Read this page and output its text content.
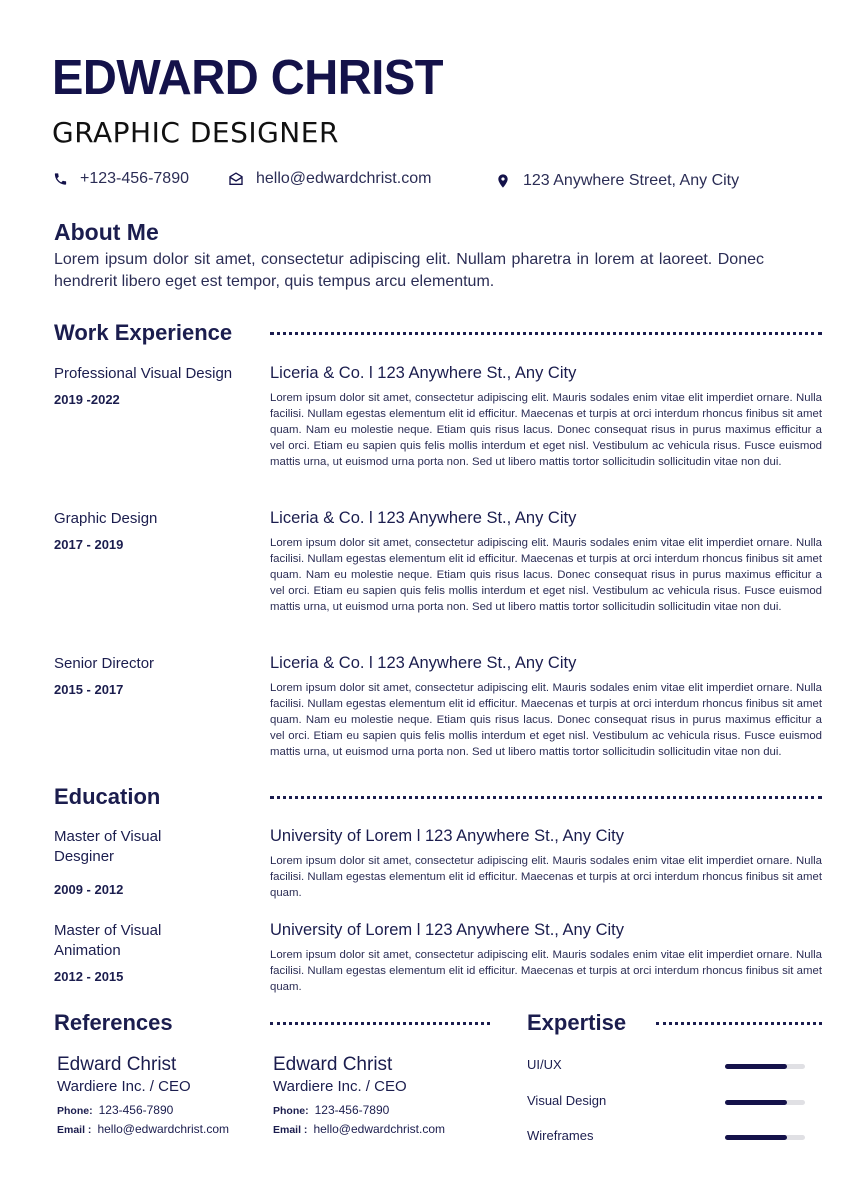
EDWARD CHRIST
GRAPHIC DESIGNER
+123-456-7890	hello@edwardchrist.com	123 Anywhere Street, Any City
About Me
Lorem ipsum dolor sit amet, consectetur adipiscing elit. Nullam pharetra in lorem at laoreet. Donec hendrerit libero eget est tempor, quis tempus arcu elementum.
Work Experience
Professional Visual Design
2019 -2022
Liceria & Co. l 123 Anywhere St., Any City
Lorem ipsum dolor sit amet, consectetur adipiscing elit. Mauris sodales enim vitae elit imperdiet ornare. Nulla facilisi. Nullam egestas elementum elit id efficitur. Maecenas et turpis at orci interdum rhoncus finibus sit amet quam. Nam eu molestie neque. Etiam quis risus lacus. Donec consequat risus in purus maximus efficitur a vel orci. Etiam eu sapien quis felis mollis interdum et eget nisl. Vestibulum ac vehicula risus. Fusce euismod mattis urna, ut euismod urna porta non. Sed ut libero mattis tortor sollicitudin sollicitudin vitae non dui.
Graphic Design
2017 - 2019
Liceria & Co. l 123 Anywhere St., Any City
Lorem ipsum dolor sit amet, consectetur adipiscing elit. Mauris sodales enim vitae elit imperdiet ornare. Nulla facilisi. Nullam egestas elementum elit id efficitur. Maecenas et turpis at orci interdum rhoncus finibus sit amet quam. Nam eu molestie neque. Etiam quis risus lacus. Donec consequat risus in purus maximus efficitur a vel orci. Etiam eu sapien quis felis mollis interdum et eget nisl. Vestibulum ac vehicula risus. Fusce euismod mattis urna, ut euismod urna porta non. Sed ut libero mattis tortor sollicitudin sollicitudin vitae non dui.
Senior Director
2015 - 2017
Liceria & Co. l 123 Anywhere St., Any City
Lorem ipsum dolor sit amet, consectetur adipiscing elit. Mauris sodales enim vitae elit imperdiet ornare. Nulla facilisi. Nullam egestas elementum elit id efficitur. Maecenas et turpis at orci interdum rhoncus finibus sit amet quam. Nam eu molestie neque. Etiam quis risus lacus. Donec consequat risus in purus maximus efficitur a vel orci. Etiam eu sapien quis felis mollis interdum et eget nisl. Vestibulum ac vehicula risus. Fusce euismod mattis urna, ut euismod urna porta non. Sed ut libero mattis tortor sollicitudin sollicitudin vitae non dui.
Education
Master of Visual
Desginer
2009 - 2012
University of Lorem l 123 Anywhere St., Any City
Lorem ipsum dolor sit amet, consectetur adipiscing elit. Mauris sodales enim vitae elit imperdiet ornare. Nulla facilisi. Nullam egestas elementum elit id efficitur. Maecenas et turpis at orci interdum rhoncus finibus sit amet quam.
Master of Visual
Animation
2012 - 2015
University of Lorem l 123 Anywhere St., Any City
Lorem ipsum dolor sit amet, consectetur adipiscing elit. Mauris sodales enim vitae elit imperdiet ornare. Nulla facilisi. Nullam egestas elementum elit id efficitur. Maecenas et turpis at orci interdum rhoncus finibus sit amet quam.
References
Edward Christ
Wardiere Inc. / CEO
Phone: 123-456-7890
Email : hello@edwardchrist.com
Edward Christ
Wardiere Inc. / CEO
Phone: 123-456-7890
Email : hello@edwardchrist.com
Expertise
UI/UX
Visual Design
Wireframes
